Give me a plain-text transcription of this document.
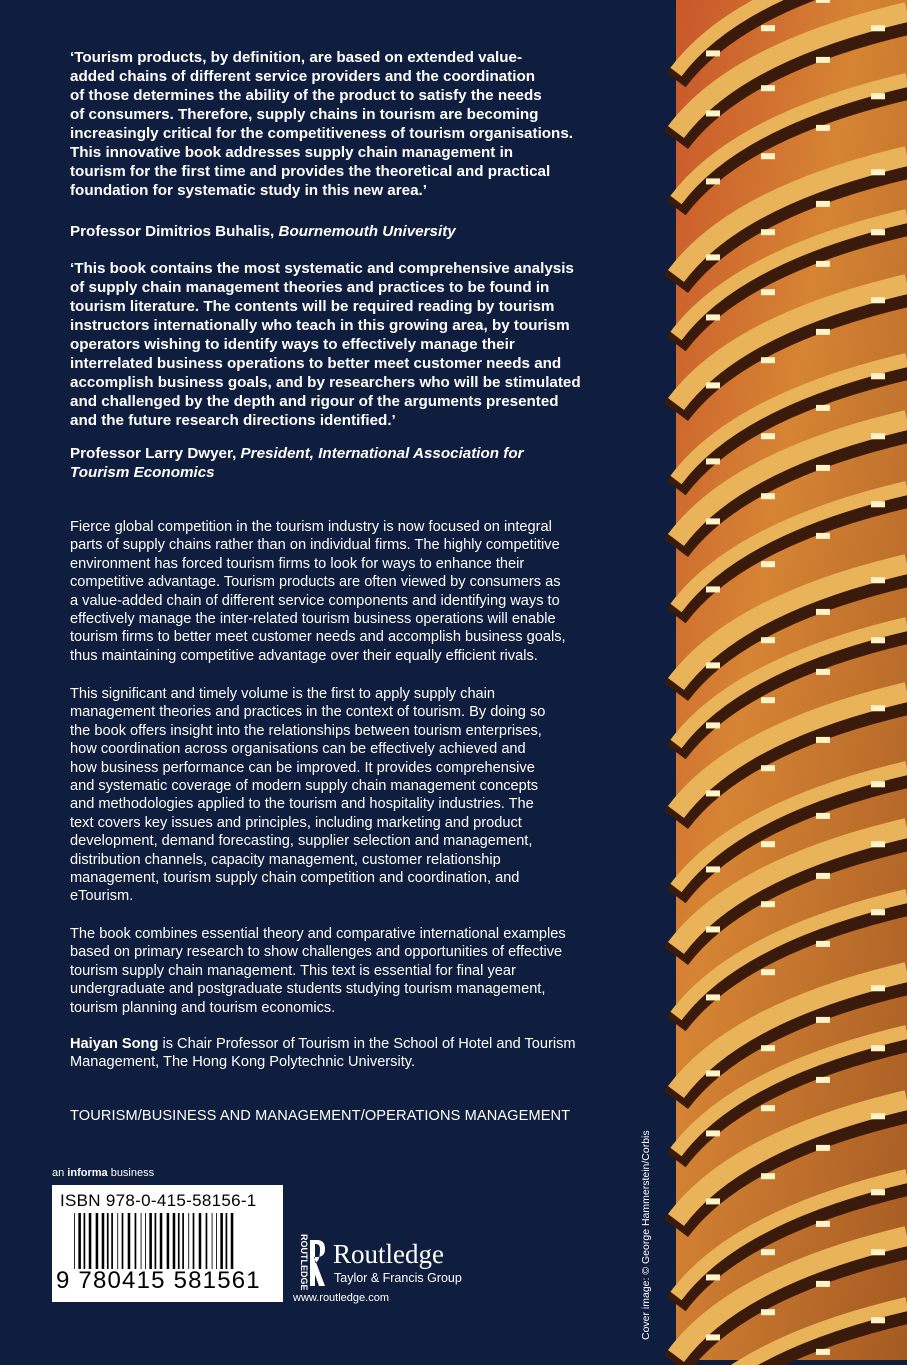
‘Tourism products, by definition, are based on extended value-
added chains of different service providers and the coordination
of those determines the ability of the product to satisfy the needs
of consumers. Therefore, supply chains in tourism are becoming
increasingly critical for the competitiveness of tourism organisations.
This innovative book addresses supply chain management in
tourism for the first time and provides the theoretical and practical
foundation for systematic study in this new area.’
Professor Dimitrios Buhalis, Bournemouth University
‘This book contains the most systematic and comprehensive analysis
of supply chain management theories and practices to be found in
tourism literature. The contents will be required reading by tourism
instructors internationally who teach in this growing area, by tourism
operators wishing to identify ways to effectively manage their
interrelated business operations to better meet customer needs and
accomplish business goals, and by researchers who will be stimulated
and challenged by the depth and rigour of the arguments presented
and the future research directions identified.’
Professor Larry Dwyer, President, International Association for
Tourism Economics
Fierce global competition in the tourism industry is now focused on integral
parts of supply chains rather than on individual firms. The highly competitive
environment has forced tourism firms to look for ways to enhance their
competitive advantage. Tourism products are often viewed by consumers as
a value-added chain of different service components and identifying ways to
effectively manage the inter-related tourism business operations will enable
tourism firms to better meet customer needs and accomplish business goals,
thus maintaining competitive advantage over their equally efficient rivals.
This significant and timely volume is the first to apply supply chain
management theories and practices in the context of tourism. By doing so
the book offers insight into the relationships between tourism enterprises,
how coordination across organisations can be effectively achieved and
how business performance can be improved. It provides comprehensive
and systematic coverage of modern supply chain management concepts
and methodologies applied to the tourism and hospitality industries. The
text covers key issues and principles, including marketing and product
development, demand forecasting, supplier selection and management,
distribution channels, capacity management, customer relationship
management, tourism supply chain competition and coordination, and
eTourism.
The book combines essential theory and comparative international examples
based on primary research to show challenges and opportunities of effective
tourism supply chain management. This text is essential for final year
undergraduate and postgraduate students studying tourism management,
tourism planning and tourism economics.
Haiyan Song is Chair Professor of Tourism in the School of Hotel and Tourism
Management, The Hong Kong Polytechnic University.

TOURISM/BUSINESS AND MANAGEMENT/OPERATIONS MANAGEMENT

an informa business

ISBN 978-0-415-58156-1

9 780415 581561	ROUTLEDGE Routledge

Taylor & Francis Group

www.routledge.com	Cover image: © George Hammerstein/Corbis
